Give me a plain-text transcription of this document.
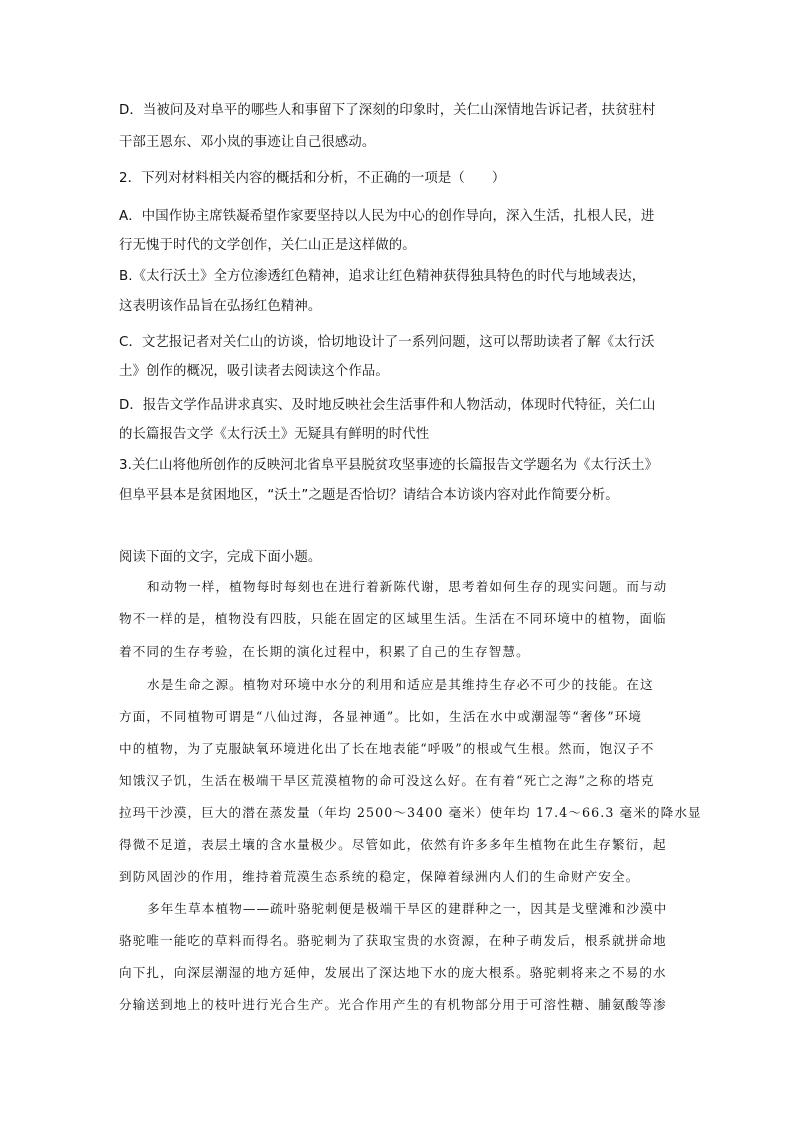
D．当被问及对阜平的哪些人和事留下了深刻的印象时，关仁山深情地告诉记者，扶贫驻村
干部王恩东、邓小岚的事迹让自己很感动。
2．下列对材料相关内容的概括和分析，不正确的一项是（　　）
A．中国作协主席铁凝希望作家要坚持以人民为中心的创作导向，深入生活，扎根人民，进
行无愧于时代的文学创作，关仁山正是这样做的。
B.《太行沃土》全方位渗透红色精神，追求让红色精神获得独具特色的时代与地域表达，
这表明该作品旨在弘扬红色精神。
C．文艺报记者对关仁山的访谈，恰切地设计了一系列问题，这可以帮助读者了解《太行沃
土》创作的概况，吸引读者去阅读这个作品。
D．报告文学作品讲求真实、及时地反映社会生活事件和人物活动，体现时代特征，关仁山
的长篇报告文学《太行沃土》无疑具有鲜明的时代性
3.关仁山将他所创作的反映河北省阜平县脱贫攻坚事迹的长篇报告文学题名为《太行沃土》
但阜平县本是贫困地区，“沃土”之题是否恰切？请结合本访谈内容对此作简要分析。
阅读下面的文字，完成下面小题。
和动物一样，植物每时每刻也在进行着新陈代谢，思考着如何生存的现实问题。而与动
物不一样的是，植物没有四肢，只能在固定的区域里生活。生活在不同环境中的植物，面临
着不同的生存考验，在长期的演化过程中，积累了自己的生存智慧。
水是生命之源。植物对环境中水分的利用和适应是其维持生存必不可少的技能。在这
方面，不同植物可谓是“八仙过海，各显神通”。比如，生活在水中或潮湿等“奢侈”环境
中的植物，为了克服缺氧环境进化出了长在地表能“呼吸”的根或气生根。然而，饱汉子不
知饿汉子饥，生活在极端干旱区荒漠植物的命可没这么好。在有着“死亡之海”之称的塔克
拉玛干沙漠，巨大的潜在蒸发量（年均 2500～3400 毫米）使年均 17.4～66.3 毫米的降水显
得微不足道，表层土壤的含水量极少。尽管如此，依然有许多多年生植物在此生存繁衍，起
到防风固沙的作用，维持着荒漠生态系统的稳定，保障着绿洲内人们的生命财产安全。
多年生草本植物——疏叶骆驼刺便是极端干旱区的建群种之一，因其是戈壁滩和沙漠中
骆驼唯一能吃的草料而得名。骆驼刺为了获取宝贵的水资源，在种子萌发后，根系就拼命地
向下扎，向深层潮湿的地方延伸，发展出了深达地下水的庞大根系。骆驼刺将来之不易的水
分输送到地上的枝叶进行光合生产。光合作用产生的有机物部分用于可溶性糖、脯氨酸等渗
